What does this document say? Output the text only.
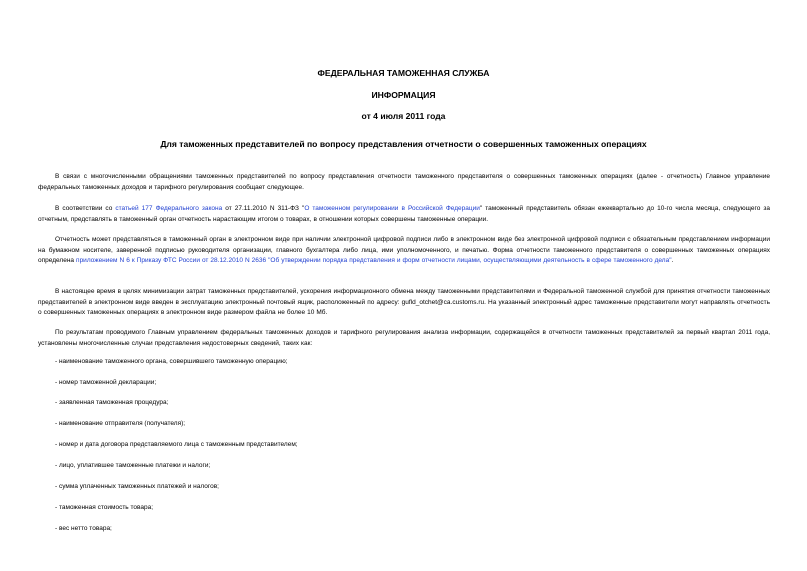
ФЕДЕРАЛЬНАЯ ТАМОЖЕННАЯ СЛУЖБА
ИНФОРМАЦИЯ
от 4 июля 2011 года
Для таможенных представителей по вопросу представления отчетности о совершенных таможенных операциях
В связи с многочисленными обращениями таможенных представителей по вопросу представления отчетности таможенного представителя о совершенных таможенных операциях (далее - отчетность) Главное управление федеральных таможенных доходов и тарифного регулирования сообщает следующее.
В соответствии со статьей 177 Федерального закона от 27.11.2010 N 311-ФЗ "О таможенном регулировании в Российской Федерации" таможенный представитель обязан ежеквартально до 10-го числа месяца, следующего за отчетным, представлять в таможенный орган отчетность нарастающим итогом о товарах, в отношении которых совершены таможенные операции.
Отчетность может представляться в таможенный орган в электронном виде при наличии электронной цифровой подписи либо в электронном виде без электронной цифровой подписи с обязательным представлением информации на бумажном носителе, заверенной подписью руководителя организации, главного бухгалтера либо лица, ими уполномоченного, и печатью. Форма отчетности таможенного представителя о совершенных таможенных операциях определена приложением N 6 к Приказу ФТС России от 28.12.2010 N 2636 "Об утверждении порядка представления и форм отчетности лицами, осуществляющими деятельность в сфере таможенного дела".
В настоящее время в целях минимизации затрат таможенных представителей, ускорения информационного обмена между таможенными представителями и Федеральной таможенной службой для принятия отчетности таможенных представителей в электронном виде введен в эксплуатацию электронный почтовый ящик, расположенный по адресу: gufld_otchet@ca.customs.ru. На указанный электронный адрес таможенные представители могут направлять отчетность о совершенных таможенных операциях в электронном виде размером файла не более 10 Мб.
По результатам проводимого Главным управлением федеральных таможенных доходов и тарифного регулирования анализа информации, содержащейся в отчетности таможенных представителей за первый квартал 2011 года, установлены многочисленные случаи представления недостоверных сведений, таких как:
- наименование таможенного органа, совершившего таможенную операцию;
- номер таможенной декларации;
- заявленная таможенная процедура;
- наименование отправителя (получателя);
- номер и дата договора представляемого лица с таможенным представителем;
- лицо, уплатившее таможенные платежи и налоги;
- сумма уплаченных таможенных платежей и налогов;
- таможенная стоимость товара;
- вес нетто товара;
